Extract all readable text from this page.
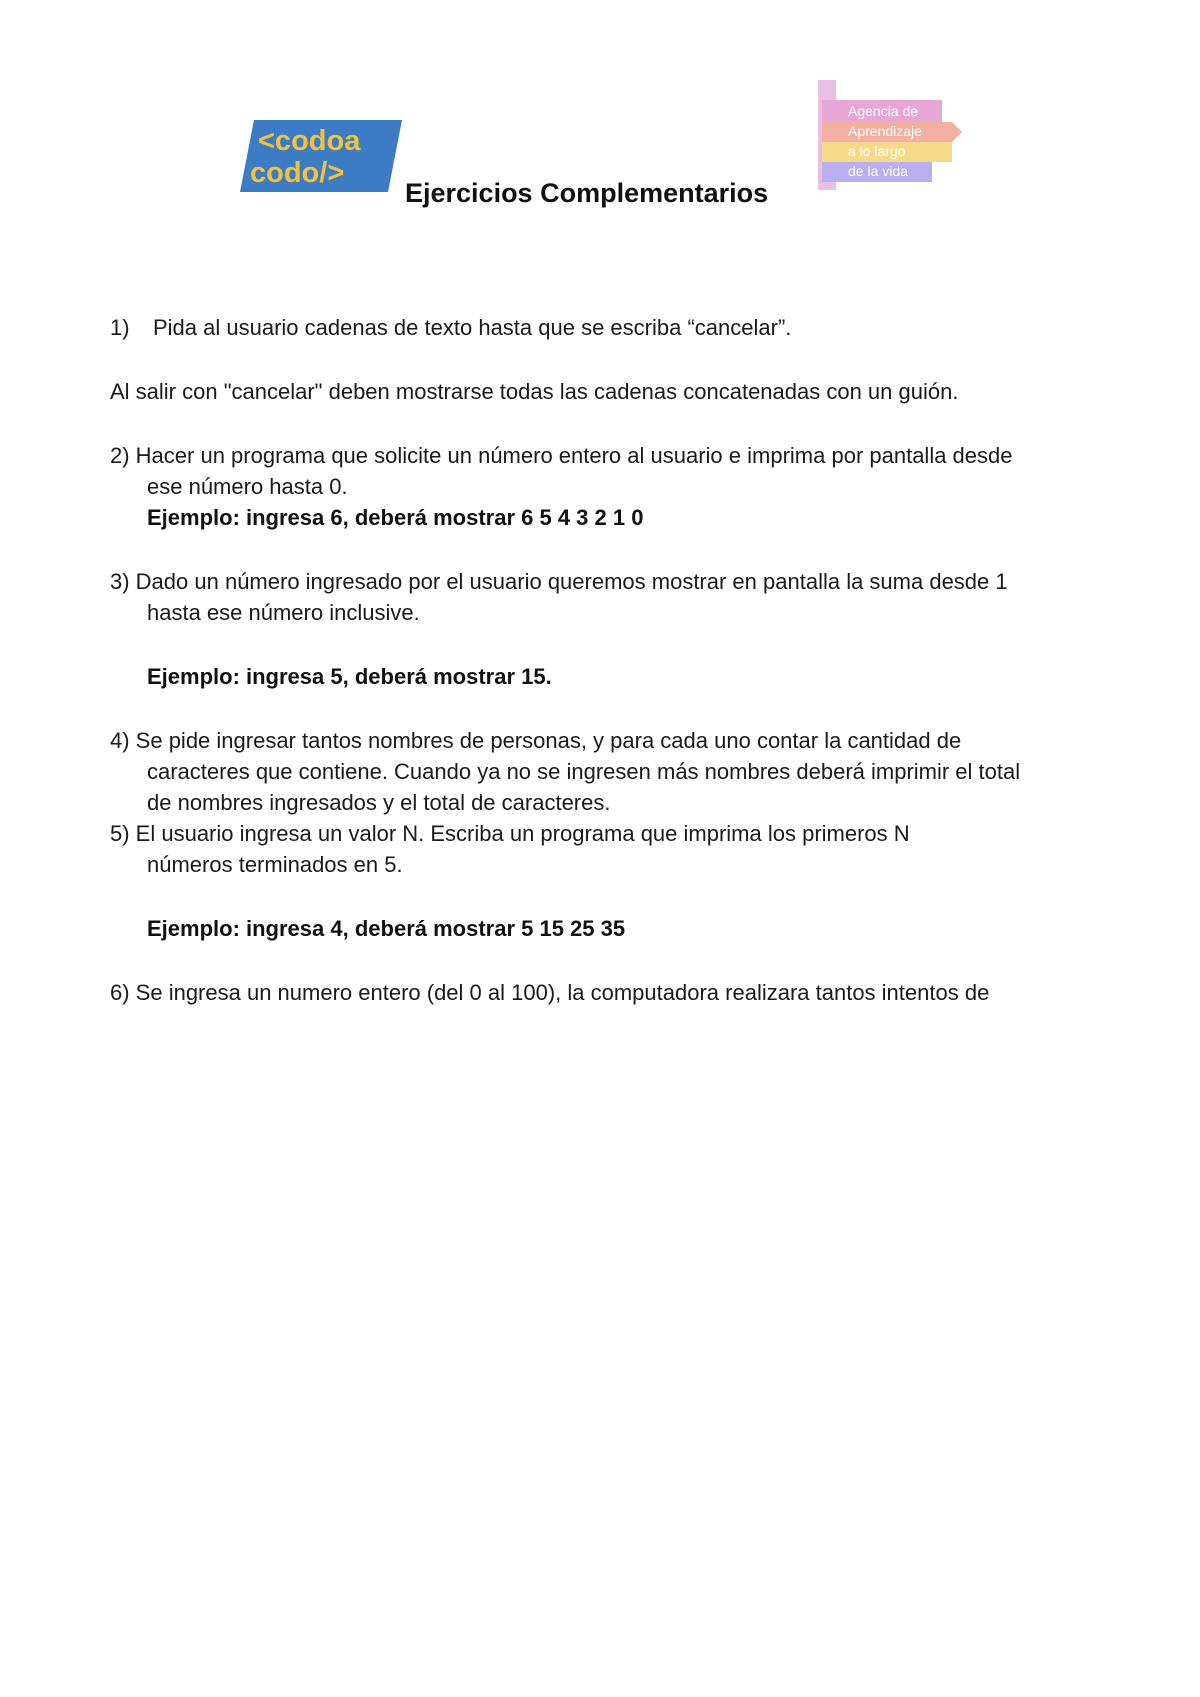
<codoa
codo/>
Agencia de
Aprendizaje
a lo largo
de la vida
Ejercicios Complementarios
1) Pida al usuario cadenas de texto hasta que se escriba “cancelar”.
Al salir con "cancelar" deben mostrarse todas las cadenas concatenadas con un guión.
2) Hacer un programa que solicite un número entero al usuario e imprima por pantalla desde
ese número hasta 0.
Ejemplo: ingresa 6, deberá mostrar 6 5 4 3 2 1 0
3) Dado un número ingresado por el usuario queremos mostrar en pantalla la suma desde 1
hasta ese número inclusive.
Ejemplo: ingresa 5, deberá mostrar 15.
4) Se pide ingresar tantos nombres de personas, y para cada uno contar la cantidad de
caracteres que contiene. Cuando ya no se ingresen más nombres deberá imprimir el total
de nombres ingresados y el total de caracteres.
5) El usuario ingresa un valor N. Escriba un programa que imprima los primeros N
números terminados en 5.
Ejemplo: ingresa 4, deberá mostrar 5 15 25 35
6) Se ingresa un numero entero (del 0 al 100), la computadora realizara tantos intentos de
